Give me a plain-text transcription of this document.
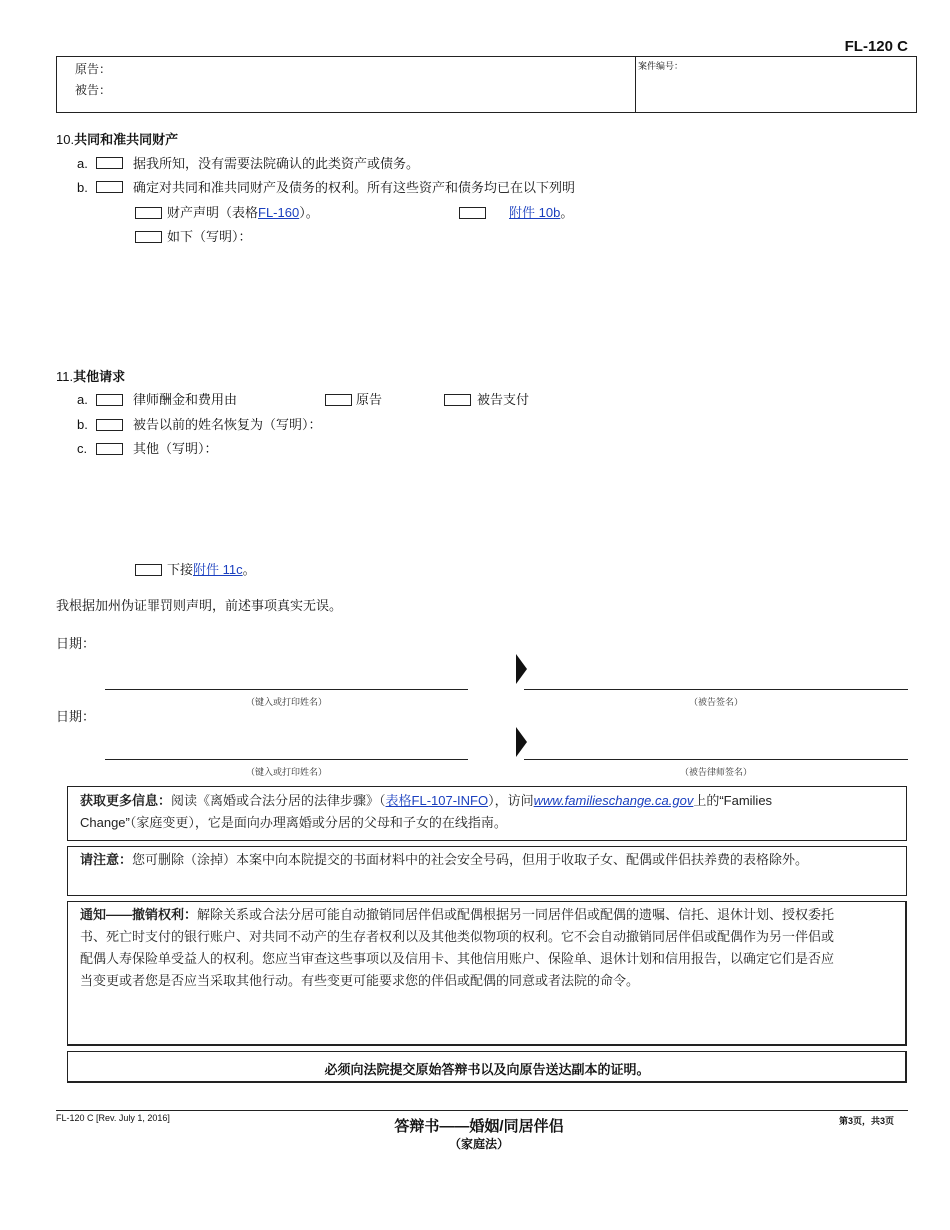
FL-120 C
原告：
被告：
案件编号：
10.共同和准共同财产
a.	据我所知，没有需要法院确认的此类资产或债务。
b.	确定对共同和准共同财产及债务的权利。所有这些资产和债务均已在以下列明
财产声明（表格FL-160）。	附件 10b。
如下（写明）：
11.其他请求
a.	律师酬金和费用由	原告	被告支付
b.	被告以前的姓名恢复为（写明）：
c.	其他（写明）：
下接附件 11c。
我根据加州伪证罪罚则声明，前述事项真实无误。
日期：
（键入或打印姓名）	（被告签名）
日期：
（键入或打印姓名）	（被告律师签名）
获取更多信息：阅读《离婚或合法分居的法律步骤》（表格FL-107-INFO），访问www.familieschange.ca.gov上的“Families
Change”（家庭变更），它是面向办理离婚或分居的父母和子女的在线指南。
请注意：您可删除（涂掉）本案中向本院提交的书面材料中的社会安全号码，但用于收取子女、配偶或伴侣扶养费的表格除外。
通知——撤销权利：解除关系或合法分居可能自动撤销同居伴侣或配偶根据另一同居伴侣或配偶的遗嘱、信托、退休计划、授权委托
书、死亡时支付的银行账户、对共同不动产的生存者权利以及其他类似物项的权利。它不会自动撤销同居伴侣或配偶作为另一伴侣或
配偶人寿保险单受益人的权利。您应当审查这些事项以及信用卡、其他信用账户、保险单、退休计划和信用报告，以确定它们是否应
当变更或者您是否应当采取其他行动。有些变更可能要求您的伴侣或配偶的同意或者法院的命令。
必须向法院提交原始答辩书以及向原告送达副本的证明。
FL-120 C [Rev. July 1, 2016]	答辩书——婚姻/同居伴侣
（家庭法）
第3页，共3页
